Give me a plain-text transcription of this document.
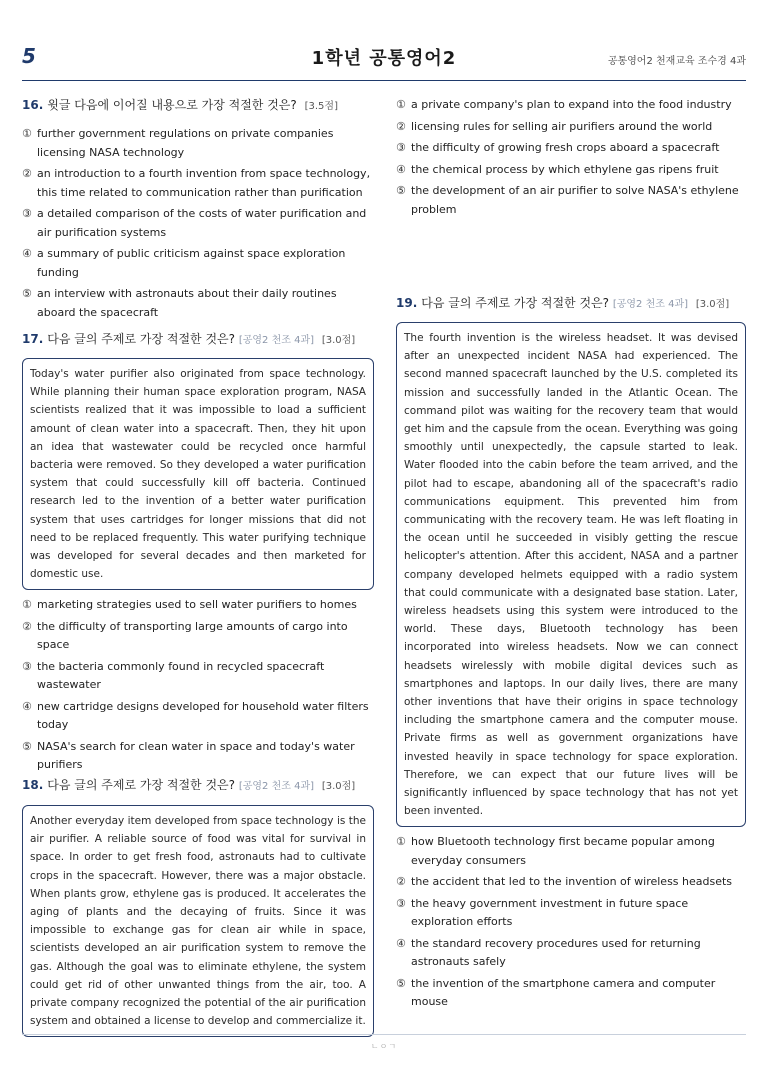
5	1학년 공통영어2	공통영어2 천재교육 조수경 4과

16. 윗글 다음에 이어질 내용으로 가장 적절한 것은? [3.5점]

① further government regulations on private companies licensing NASA technology
② an introduction to a fourth invention from space technology, this time related to communication rather than purification
③ a detailed comparison of the costs of water purification and air purification systems
④ a summary of public criticism against space exploration funding
⑤ an interview with astronauts about their daily routines aboard the spacecraft

17. 다음 글의 주제로 가장 적절한 것은? [공영2 천조 4과] [3.0점]

Today's water purifier also originated from space technology. While planning their human space exploration program, NASA scientists realized that it was impossible to load a sufficient amount of clean water into a spacecraft. Then, they hit upon an idea that wastewater could be recycled once harmful bacteria were removed. So they developed a water purification system that could successfully kill off bacteria. Continued research led to the invention of a better water purification system that uses cartridges for longer missions that did not need to be replaced frequently. This water purifying technique was developed for several decades and then marketed for domestic use.
① marketing strategies used to sell water purifiers to homes
② the difficulty of transporting large amounts of cargo into space
③ the bacteria commonly found in recycled spacecraft wastewater
④ new cartridge designs developed for household water filters today
⑤ NASA's search for clean water in space and today's water purifiers

18. 다음 글의 주제로 가장 적절한 것은? [공영2 천조 4과] [3.0점]

Another everyday item developed from space technology is the air purifier. A reliable source of food was vital for survival in space. In order to get fresh food, astronauts had to cultivate crops in the spacecraft. However, there was a major obstacle. When plants grow, ethylene gas is produced. It accelerates the aging of plants and the decaying of fruits. Since it was impossible to exchange gas for clean air while in space, scientists developed an air purification system to remove the gas. Although the goal was to eliminate ethylene, the system could get rid of other unwanted things from the air, too. A private company recognized the potential of the air purification system and obtained a license to develop and commercialize it.
① a private company's plan to expand into the food industry
② licensing rules for selling air purifiers around the world
③ the difficulty of growing fresh crops aboard a spacecraft
④ the chemical process by which ethylene gas ripens fruit
⑤ the development of an air purifier to solve NASA's ethylene problem

19. 다음 글의 주제로 가장 적절한 것은? [공영2 천조 4과] [3.0점]

The fourth invention is the wireless headset. It was devised after an unexpected incident NASA had experienced. The second manned spacecraft launched by the U.S. completed its mission and successfully landed in the Atlantic Ocean. The command pilot was waiting for the recovery team that would get him and the capsule from the ocean. Everything was going smoothly until unexpectedly, the capsule started to leak. Water flooded into the cabin before the team arrived, and the pilot had to escape, abandoning all of the spacecraft's radio communications equipment. This prevented him from communicating with the recovery team. He was left floating in the ocean until he succeeded in visibly getting the rescue helicopter's attention. After this accident, NASA and a partner company developed helmets equipped with a radio system that could communicate with a designated base station. Later, wireless headsets using this system were introduced to the world. These days, Bluetooth technology has been incorporated into wireless headsets. Now we can connect headsets wirelessly with mobile digital devices such as smartphones and laptops. In our daily lives, there are many other inventions that have their origins in space technology including the smartphone camera and the computer mouse. Private firms as well as government organizations have invested heavily in space technology for space exploration. Therefore, we can expect that our future lives will be significantly influenced by space technology that has not yet been invented.
① how Bluetooth technology first became popular among everyday consumers
② the accident that led to the invention of wireless headsets
③ the heavy government investment in future space exploration efforts
④ the standard recovery procedures used for returning astronauts safely
⑤ the invention of the smartphone camera and computer mouse
ㄴㅇㄱ
